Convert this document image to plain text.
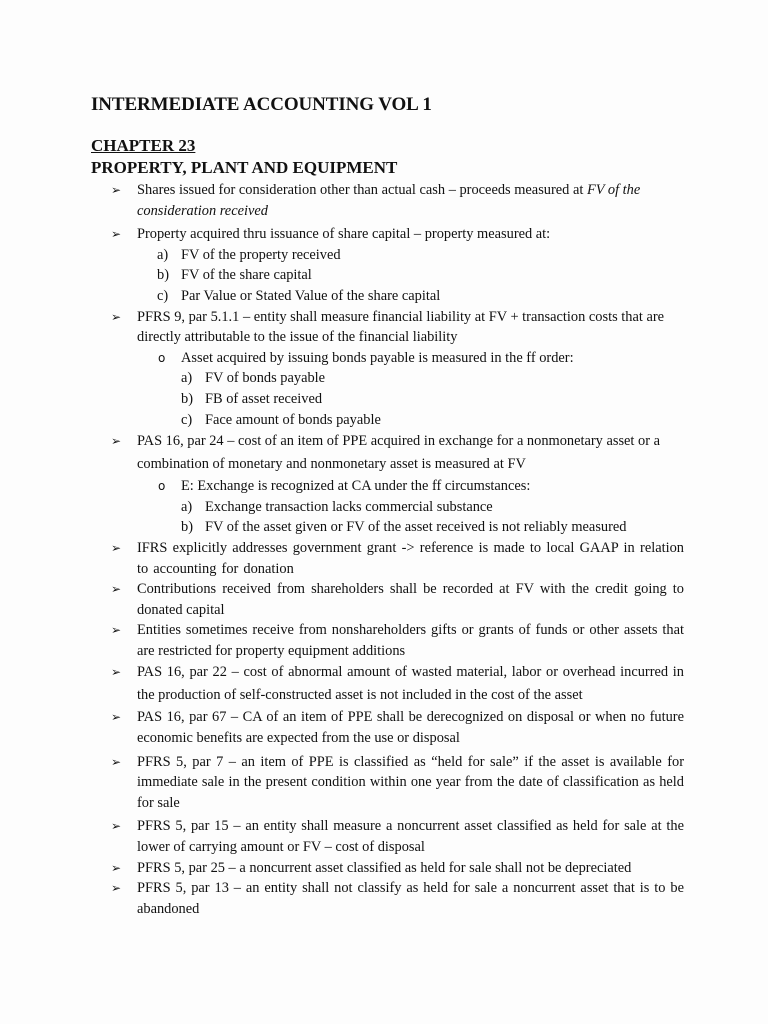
INTERMEDIATE ACCOUNTING VOL 1
CHAPTER 23
PROPERTY, PLANT AND EQUIPMENT
➢ Shares issued for consideration other than actual cash – proceeds measured at FV of the consideration received
➢ Property acquired thru issuance of share capital – property measured at:
a) FV of the property received
b) FV of the share capital
c) Par Value or Stated Value of the share capital
➢ PFRS 9, par 5.1.1 – entity shall measure financial liability at FV + transaction costs that are directly attributable to the issue of the financial liability
o Asset acquired by issuing bonds payable is measured in the ff order:
a) FV of bonds payable
b) FB of asset received
c) Face amount of bonds payable
➢ PAS 16, par 24 – cost of an item of PPE acquired in exchange for a nonmonetary asset or a combination of monetary and nonmonetary asset is measured at FV
o E: Exchange is recognized at CA under the ff circumstances:
a) Exchange transaction lacks commercial substance
b) FV of the asset given or FV of the asset received is not reliably measured
➢ IFRS explicitly addresses government grant -> reference is made to local GAAP in relation to accounting for donation
➢ Contributions received from shareholders shall be recorded at FV with the credit going to donated capital
➢ Entities sometimes receive from nonshareholders gifts or grants of funds or other assets that are restricted for property equipment additions
➢ PAS 16, par 22 – cost of abnormal amount of wasted material, labor or overhead incurred in the production of self-constructed asset is not included in the cost of the asset
➢ PAS 16, par 67 – CA of an item of PPE shall be derecognized on disposal or when no future economic benefits are expected from the use or disposal
➢ PFRS 5, par 7 – an item of PPE is classified as “held for sale” if the asset is available for immediate sale in the present condition within one year from the date of classification as held for sale
➢ PFRS 5, par 15 – an entity shall measure a noncurrent asset classified as held for sale at the lower of carrying amount or FV – cost of disposal
➢ PFRS 5, par 25 – a noncurrent asset classified as held for sale shall not be depreciated
➢ PFRS 5, par 13 – an entity shall not classify as held for sale a noncurrent asset that is to be abandoned
